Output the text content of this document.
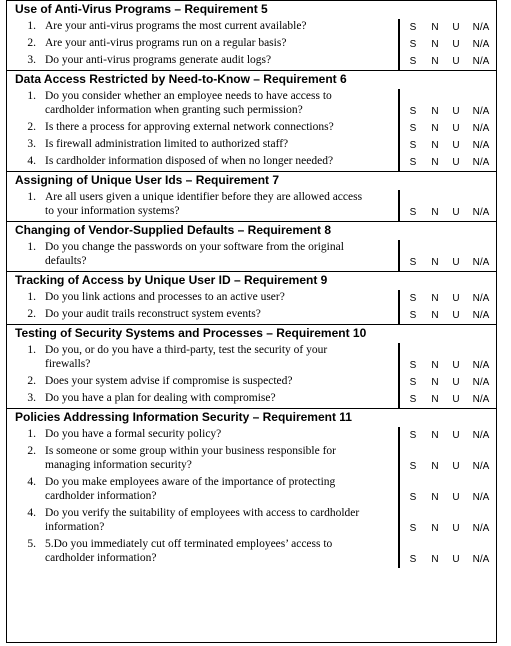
Use of Anti-Virus Programs – Requirement 5
1. Are your anti-virus programs the most current available?	S	N	U	N/A
2. Are your anti-virus programs run on a regular basis?	S	N	U	N/A
3. Do your anti-virus programs generate audit logs?	S	N	U	N/A
Data Access Restricted by Need-to-Know – Requirement 6
1. Do you consider whether an employee needs to have access to
cardholder information when granting such permission?	S	N	U	N/A
2. Is there a process for approving external network connections?	S	N	U	N/A
3. Is firewall administration limited to authorized staff?	S	N	U	N/A
4. Is cardholder information disposed of when no longer needed?	S	N	U	N/A
Assigning of Unique User Ids – Requirement 7
1. Are all users given a unique identifier before they are allowed access
to your information systems?	S	N	U	N/A
Changing of Vendor-Supplied Defaults – Requirement 8
1. Do you change the passwords on your software from the original
defaults?	S	N	U	N/A
Tracking of Access by Unique User ID – Requirement 9
1. Do you link actions and processes to an active user?	S	N	U	N/A
2. Do your audit trails reconstruct system events?	S	N	U	N/A
Testing of Security Systems and Processes – Requirement 10
1. Do you, or do you have a third-party, test the security of your
firewalls?	S	N	U	N/A
2. Does your system advise if compromise is suspected?	S	N	U	N/A
3. Do you have a plan for dealing with compromise?	S	N	U	N/A
Policies Addressing Information Security – Requirement 11
1. Do you have a formal security policy?	S	N	U	N/A
2. Is someone or some group within your business responsible for
managing information security?	S	N	U	N/A
4. Do you make employees aware of the importance of protecting
cardholder information?	S	N	U	N/A
4. Do you verify the suitability of employees with access to cardholder
information?	S	N	U	N/A
5. 5.Do you immediately cut off terminated employees’ access to
cardholder information?	S	N	U	N/A
